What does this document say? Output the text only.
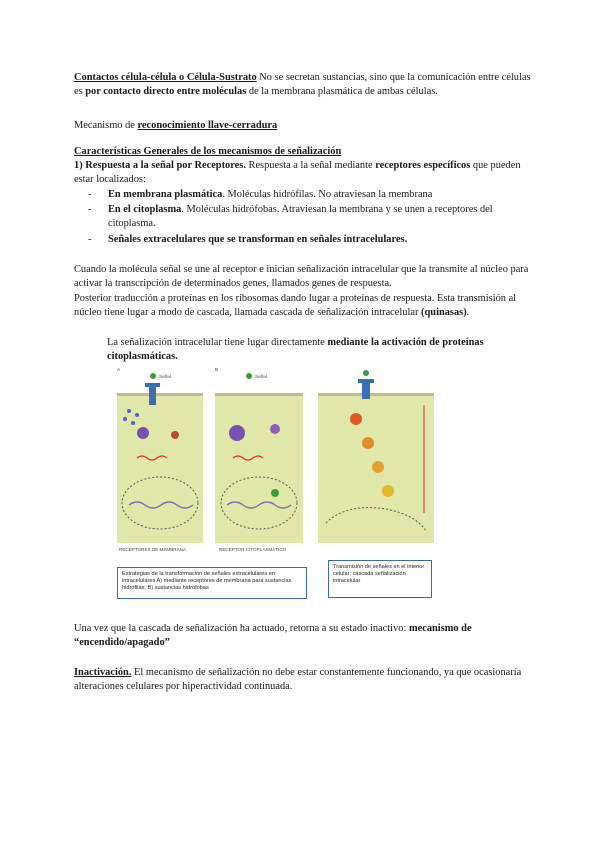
Contactos célula-célula o Célula-Sustrato No se secretan sustancias, sino que la comunicación entre células es por contacto directo entre moléculas de la membrana plasmática de ambas células.
Mecanismo de reconocimiento llave-cerradura
Características Generales de los mecanismos de señalización
1) Respuesta a la señal por Receptores. Respuesta a la señal mediante receptores específicos que pueden estar localizados:
-	En membrana plasmática. Moléculas hidrófilas. No atraviesan la membrana
-	En el citoplasma. Moléculas hidrófobas. Atraviesan la membrana y se unen a receptores del citoplasma.
-	Señales extracelulares que se transforman en señales intracelulares.
Cuando la molécula señal se une al receptor e inician señalización intracelular que la transmite al núcleo para activar la transcripción de determinados genes, llamados genes de respuesta.
Posterior traducción a proteínas en los ribosomas dando lugar a proteínas de respuesta. Esta transmisión al núcleo tiene lugar a modo de cascada, llamada cascada de señalización intracelular (quinasas).
La señalización intracelular tiene lugar directamente mediante la activación de proteínas citoplasmáticas.
A
Señal
RECEPTORES DE MEMBRANA
B
Señal
RECEPTOR CITOPLASMÁTICO
Estrategias de la transformación de señales extracelulares en intracelulares A) mediante receptores de membrana para sustancias hidrófilas. B) sustancias hidrófobas
Transmisión de señales en el interior celular: cascada señalización intracelular
Una vez que la cascada de señalización ha actuado, retorna a su estado inactivo: mecanismo de “encendido/apagado”
Inactivación. El mecanismo de señalización no debe estar constantemente funcionando, ya que ocasionaría alteraciones celulares por hiperactividad continuada.
